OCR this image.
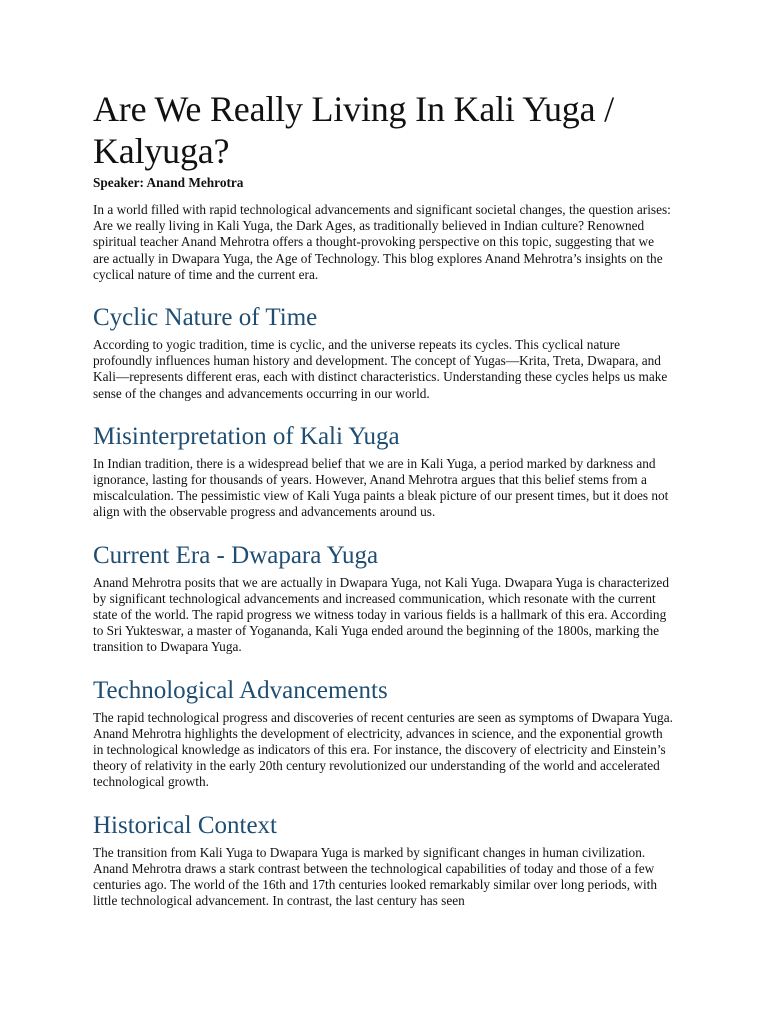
Are We Really Living In Kali Yuga / Kalyuga?
Speaker: Anand Mehrotra

In a world filled with rapid technological advancements and significant societal changes, the question arises: Are we really living in Kali Yuga, the Dark Ages, as traditionally believed in Indian culture? Renowned spiritual teacher Anand Mehrotra offers a thought-provoking perspective on this topic, suggesting that we are actually in Dwapara Yuga, the Age of Technology. This blog explores Anand Mehrotra’s insights on the cyclical nature of time and the current era.

Cyclic Nature of Time

According to yogic tradition, time is cyclic, and the universe repeats its cycles. This cyclical nature profoundly influences human history and development. The concept of Yugas—Krita, Treta, Dwapara, and Kali—represents different eras, each with distinct characteristics. Understanding these cycles helps us make sense of the changes and advancements occurring in our world.

Misinterpretation of Kali Yuga

In Indian tradition, there is a widespread belief that we are in Kali Yuga, a period marked by darkness and ignorance, lasting for thousands of years. However, Anand Mehrotra argues that this belief stems from a miscalculation. The pessimistic view of Kali Yuga paints a bleak picture of our present times, but it does not align with the observable progress and advancements around us.

Current Era - Dwapara Yuga

Anand Mehrotra posits that we are actually in Dwapara Yuga, not Kali Yuga. Dwapara Yuga is characterized by significant technological advancements and increased communication, which resonate with the current state of the world. The rapid progress we witness today in various fields is a hallmark of this era. According to Sri Yukteswar, a master of Yogananda, Kali Yuga ended around the beginning of the 1800s, marking the transition to Dwapara Yuga.

Technological Advancements

The rapid technological progress and discoveries of recent centuries are seen as symptoms of Dwapara Yuga. Anand Mehrotra highlights the development of electricity, advances in science, and the exponential growth in technological knowledge as indicators of this era. For instance, the discovery of electricity and Einstein’s theory of relativity in the early 20th century revolutionized our understanding of the world and accelerated technological growth.

Historical Context

The transition from Kali Yuga to Dwapara Yuga is marked by significant changes in human civilization. Anand Mehrotra draws a stark contrast between the technological capabilities of today and those of a few centuries ago. The world of the 16th and 17th centuries looked remarkably similar over long periods, with little technological advancement. In contrast, the last century has seen
